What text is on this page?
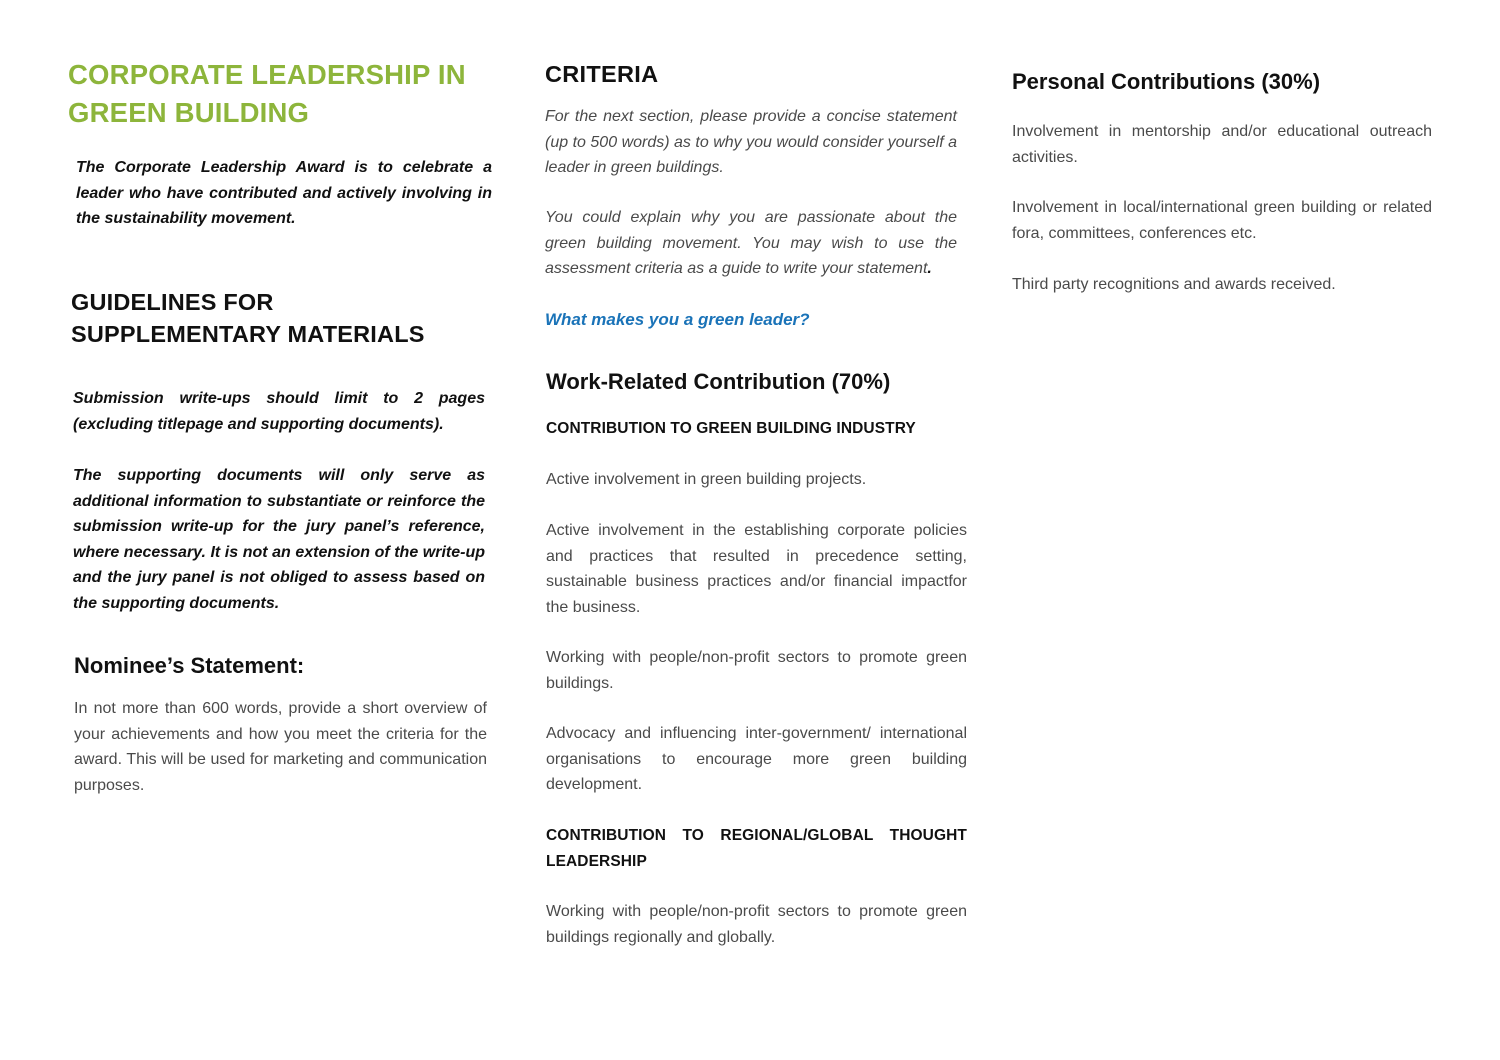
CORPORATE LEADERSHIP IN
GREEN BUILDING

The Corporate Leadership Award is to celebrate a leader who have contributed and actively involving in the sustainability movement.

GUIDELINES FOR
SUPPLEMENTARY MATERIALS

Submission write-ups should limit to 2 pages (excluding titlepage and supporting documents).

The supporting documents will only serve as additional information to substantiate or reinforce the submission write-up for the jury panel’s reference, where necessary. It is not an extension of the write-up and the jury panel is not obliged to assess based on the supporting documents.

Nominee’s Statement:

In not more than 600 words, provide a short overview of your achievements and how you meet the criteria for the award. This will be used for marketing and communication purposes.

CRITERIA

For the next section, please provide a concise statement (up to 500 words) as to why you would consider yourself a leader in green buildings.

You could explain why you are passionate about the green building movement. You may wish to use the assessment criteria as a guide to write your statement.

What makes you a green leader?

Work-Related Contribution (70%)

CONTRIBUTION TO GREEN BUILDING INDUSTRY

Active involvement in green building projects.

Active involvement in the establishing corporate policies and practices that resulted in precedence setting, sustainable business practices and/or financial impactfor the business.

Working with people/non-profit sectors to promote green buildings.

Advocacy and influencing inter-government/ international organisations to encourage more green building development.

CONTRIBUTION TO REGIONAL/GLOBAL THOUGHT LEADERSHIP

Working with people/non-profit sectors to promote green buildings regionally and globally.

Personal Contributions (30%)

Involvement in mentorship and/or educational outreach activities.

Involvement in local/international green building or related fora, committees, conferences etc.

Third party recognitions and awards received.
